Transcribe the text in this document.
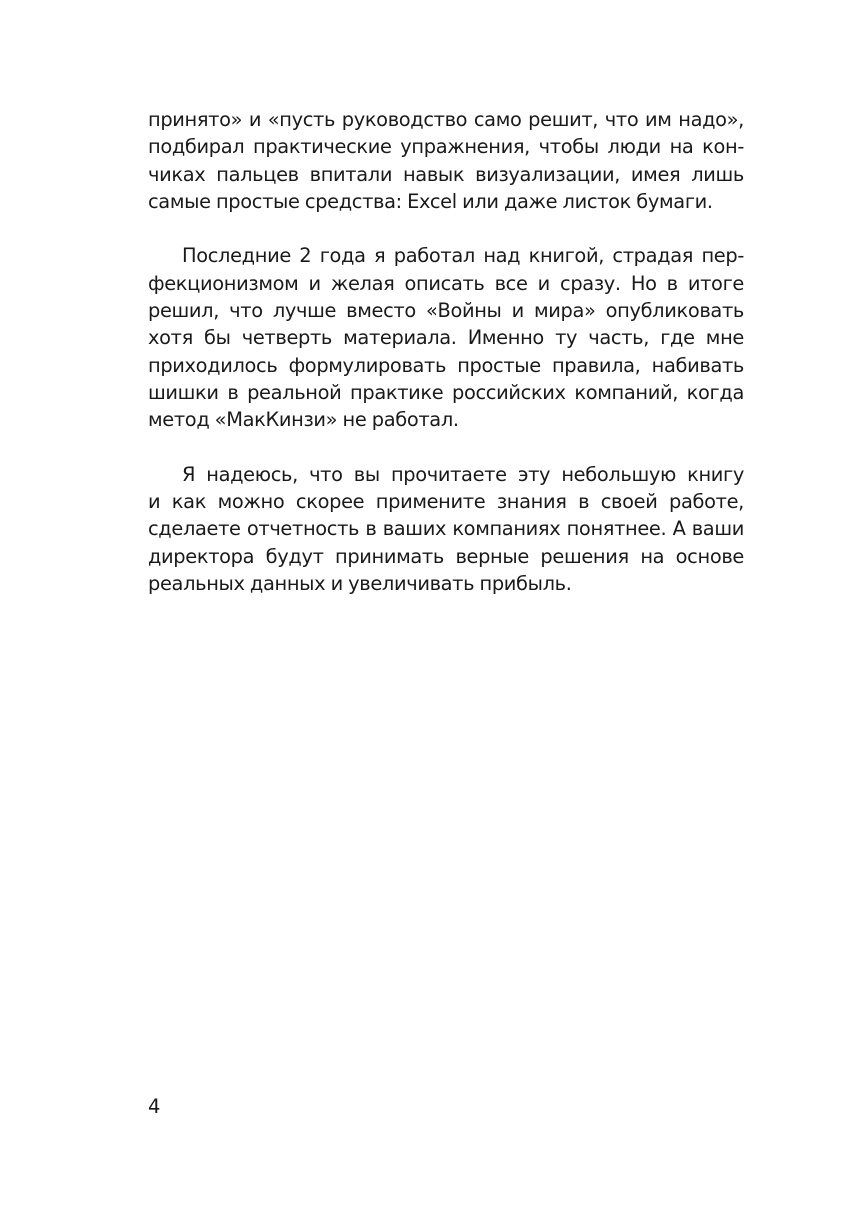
принято» и «пусть руководство само решит, что им надо»,
подбирал практические упражнения, чтобы люди на кон-
чиках пальцев впитали навык визуализации, имея лишь
самые простые средства: Excel или даже листок бумаги.

Последние 2 года я работал над книгой, страдая пер-
фекционизмом и желая описать все и сразу. Но в итоге
решил, что лучше вместо «Войны и мира» опубликовать
хотя бы четверть материала. Именно ту часть, где мне
приходилось формулировать простые правила, набивать
шишки в реальной практике российских компаний, когда
метод «МакКинзи» не работал.

Я надеюсь, что вы прочитаете эту небольшую книгу
и как можно скорее примените знания в своей работе,
сделаете отчетность в ваших компаниях понятнее. А ваши
директора будут принимать верные решения на основе
реальных данных и увеличивать прибыль.

4
